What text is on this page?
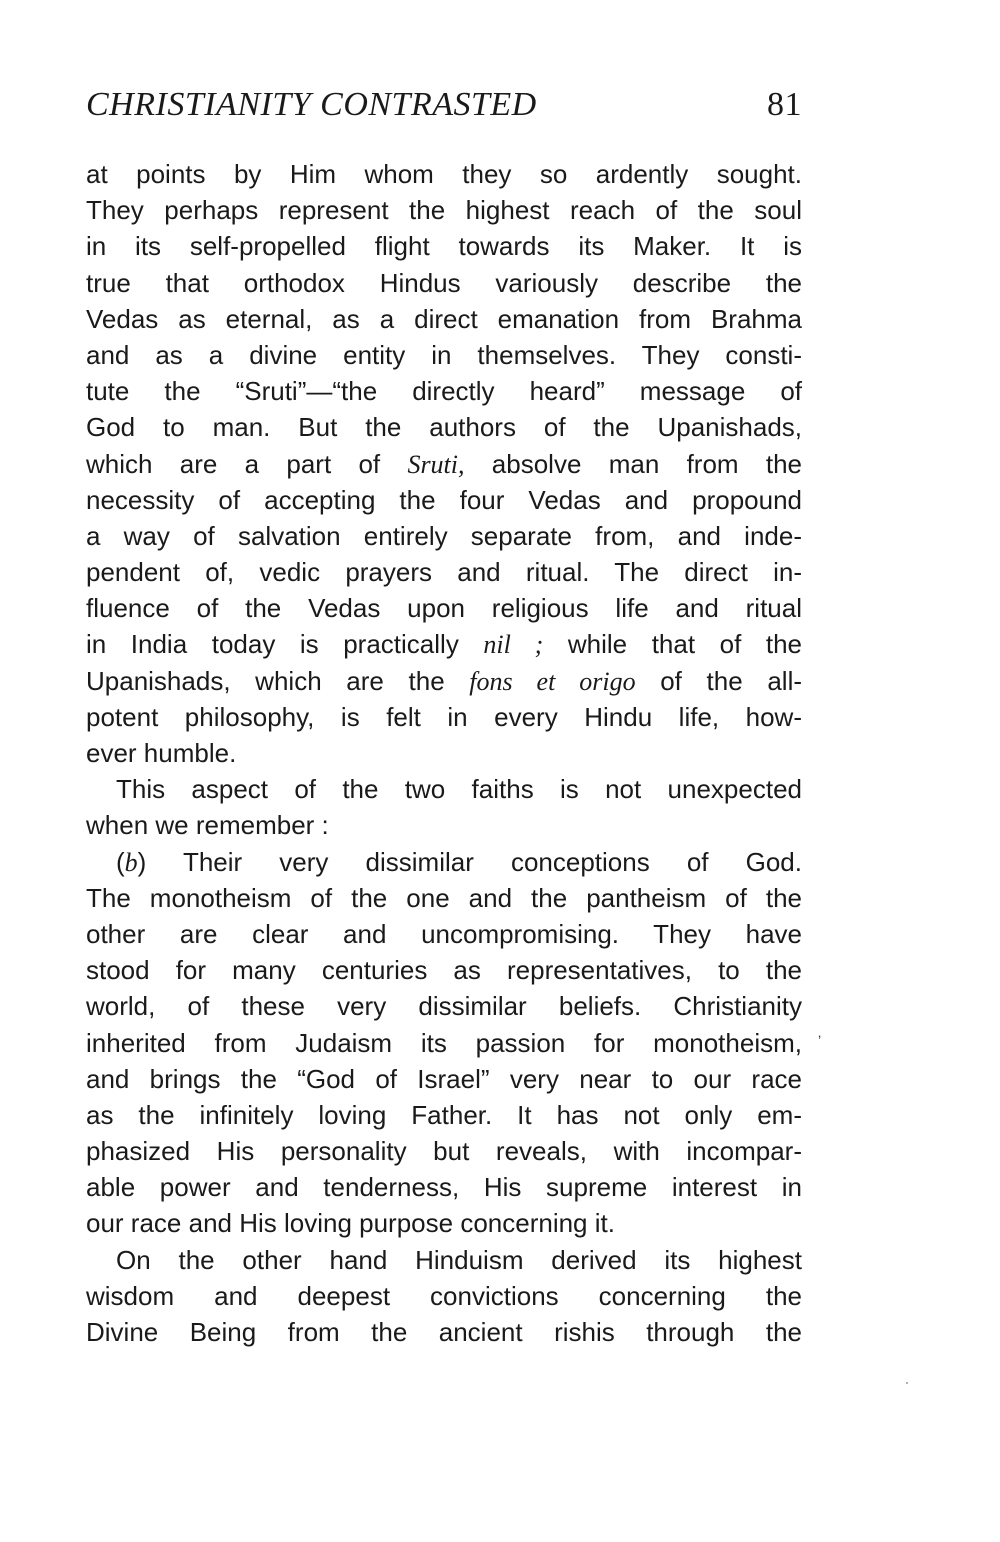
CHRISTIANITY CONTRASTED	81
at points by Him whom they so ardently sought.
They perhaps represent the highest reach of the soul
in its self-propelled flight towards its Maker. It is
true that orthodox Hindus variously describe the
Vedas as eternal, as a direct emanation from Brahma
and as a divine entity in themselves. They consti-
tute the “Sruti”—“the directly heard” message of
God to man. But the authors of the Upanishads,
which are a part of Sruti, absolve man from the
necessity of accepting the four Vedas and propound
a way of salvation entirely separate from, and inde-
pendent of, vedic prayers and ritual. The direct in-
fluence of the Vedas upon religious life and ritual
in India today is practically nil ; while that of the
Upanishads, which are the fons et origo of the all-
potent philosophy, is felt in every Hindu life, how-
ever humble.
This aspect of the two faiths is not unexpected
when we remember :
(b) Their very dissimilar conceptions of God.
The monotheism of the one and the pantheism of the
other are clear and uncompromising. They have
stood for many centuries as representatives, to the
world, of these very dissimilar beliefs. Christianity
inherited from Judaism its passion for monotheism,
and brings the “God of Israel” very near to our race
as the infinitely loving Father. It has not only em-
phasized His personality but reveals, with incompar-
able power and tenderness, His supreme interest in
our race and His loving purpose concerning it.
On the other hand Hinduism derived its highest
wisdom and deepest convictions concerning the
Divine Being from the ancient rishis through the
‚
